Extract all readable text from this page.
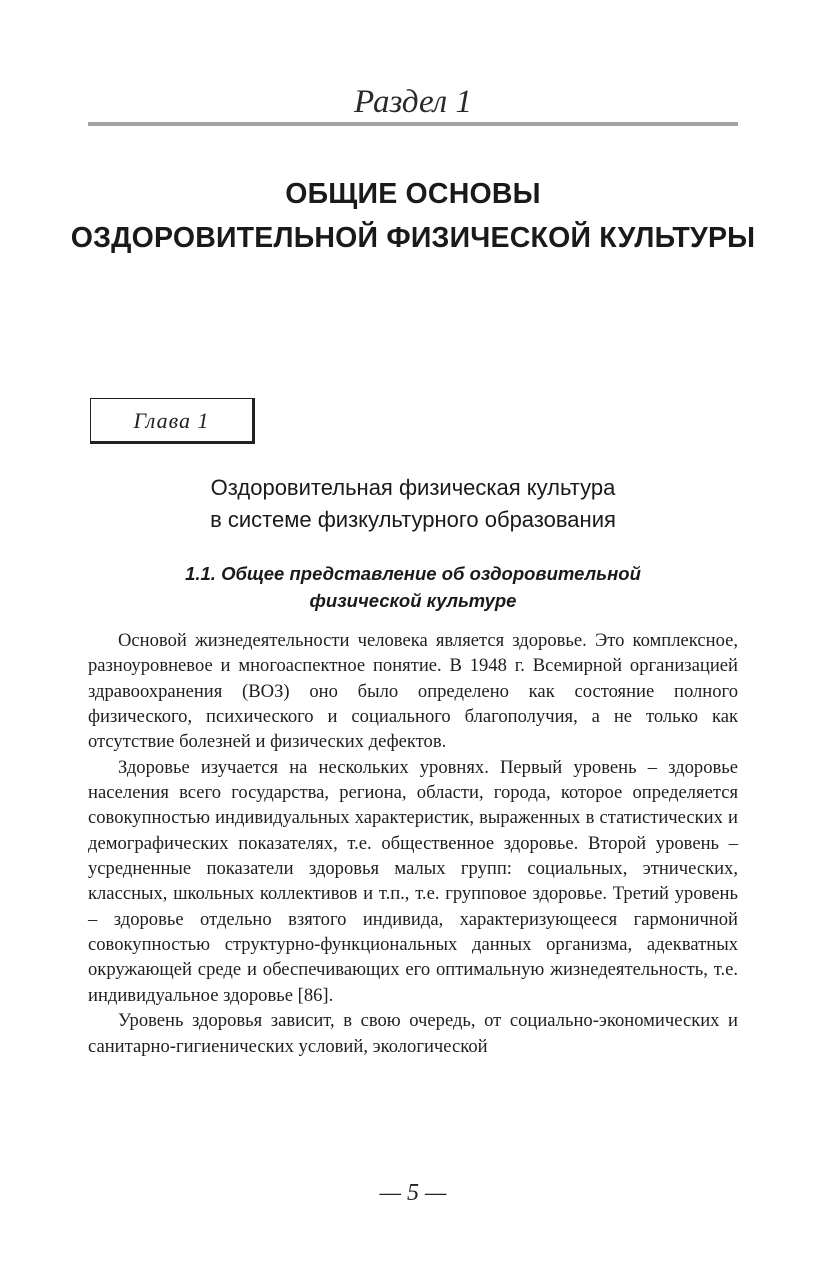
Раздел 1
ОБЩИЕ ОСНОВЫ
ОЗДОРОВИТЕЛЬНОЙ ФИЗИЧЕСКОЙ КУЛЬТУРЫ
Глава 1
Оздоровительная физическая культура
в системе физкультурного образования
1.1. Общее представление об оздоровительной
физической культуре

Основой жизнедеятельности человека является здоровье. Это комплексное, разноуровневое и многоаспектное понятие. В 1948 г. Всемирной организацией здравоохранения (ВОЗ) оно было определено как состояние полного физического, психического и социального благополучия, а не только как отсутствие болезней и физических дефектов.

Здоровье изучается на нескольких уровнях. Первый уровень – здоровье населения всего государства, региона, области, города, которое определяется совокупностью индивидуальных характеристик, выраженных в статистических и демографических показателях, т.е. общественное здоровье. Второй уровень – усредненные показатели здоровья малых групп: социальных, этнических, классных, школьных коллективов и т.п., т.е. групповое здоровье. Третий уровень – здоровье отдельно взятого индивида, характеризующееся гармоничной совокупностью структурно-функциональных данных организма, адекватных окружающей среде и обеспечивающих его оптимальную жизнедеятельность, т.е. индивидуальное здоровье [86].

Уровень здоровья зависит, в свою очередь, от социально-экономических и санитарно-гигиенических условий, экологической

— 5 —
